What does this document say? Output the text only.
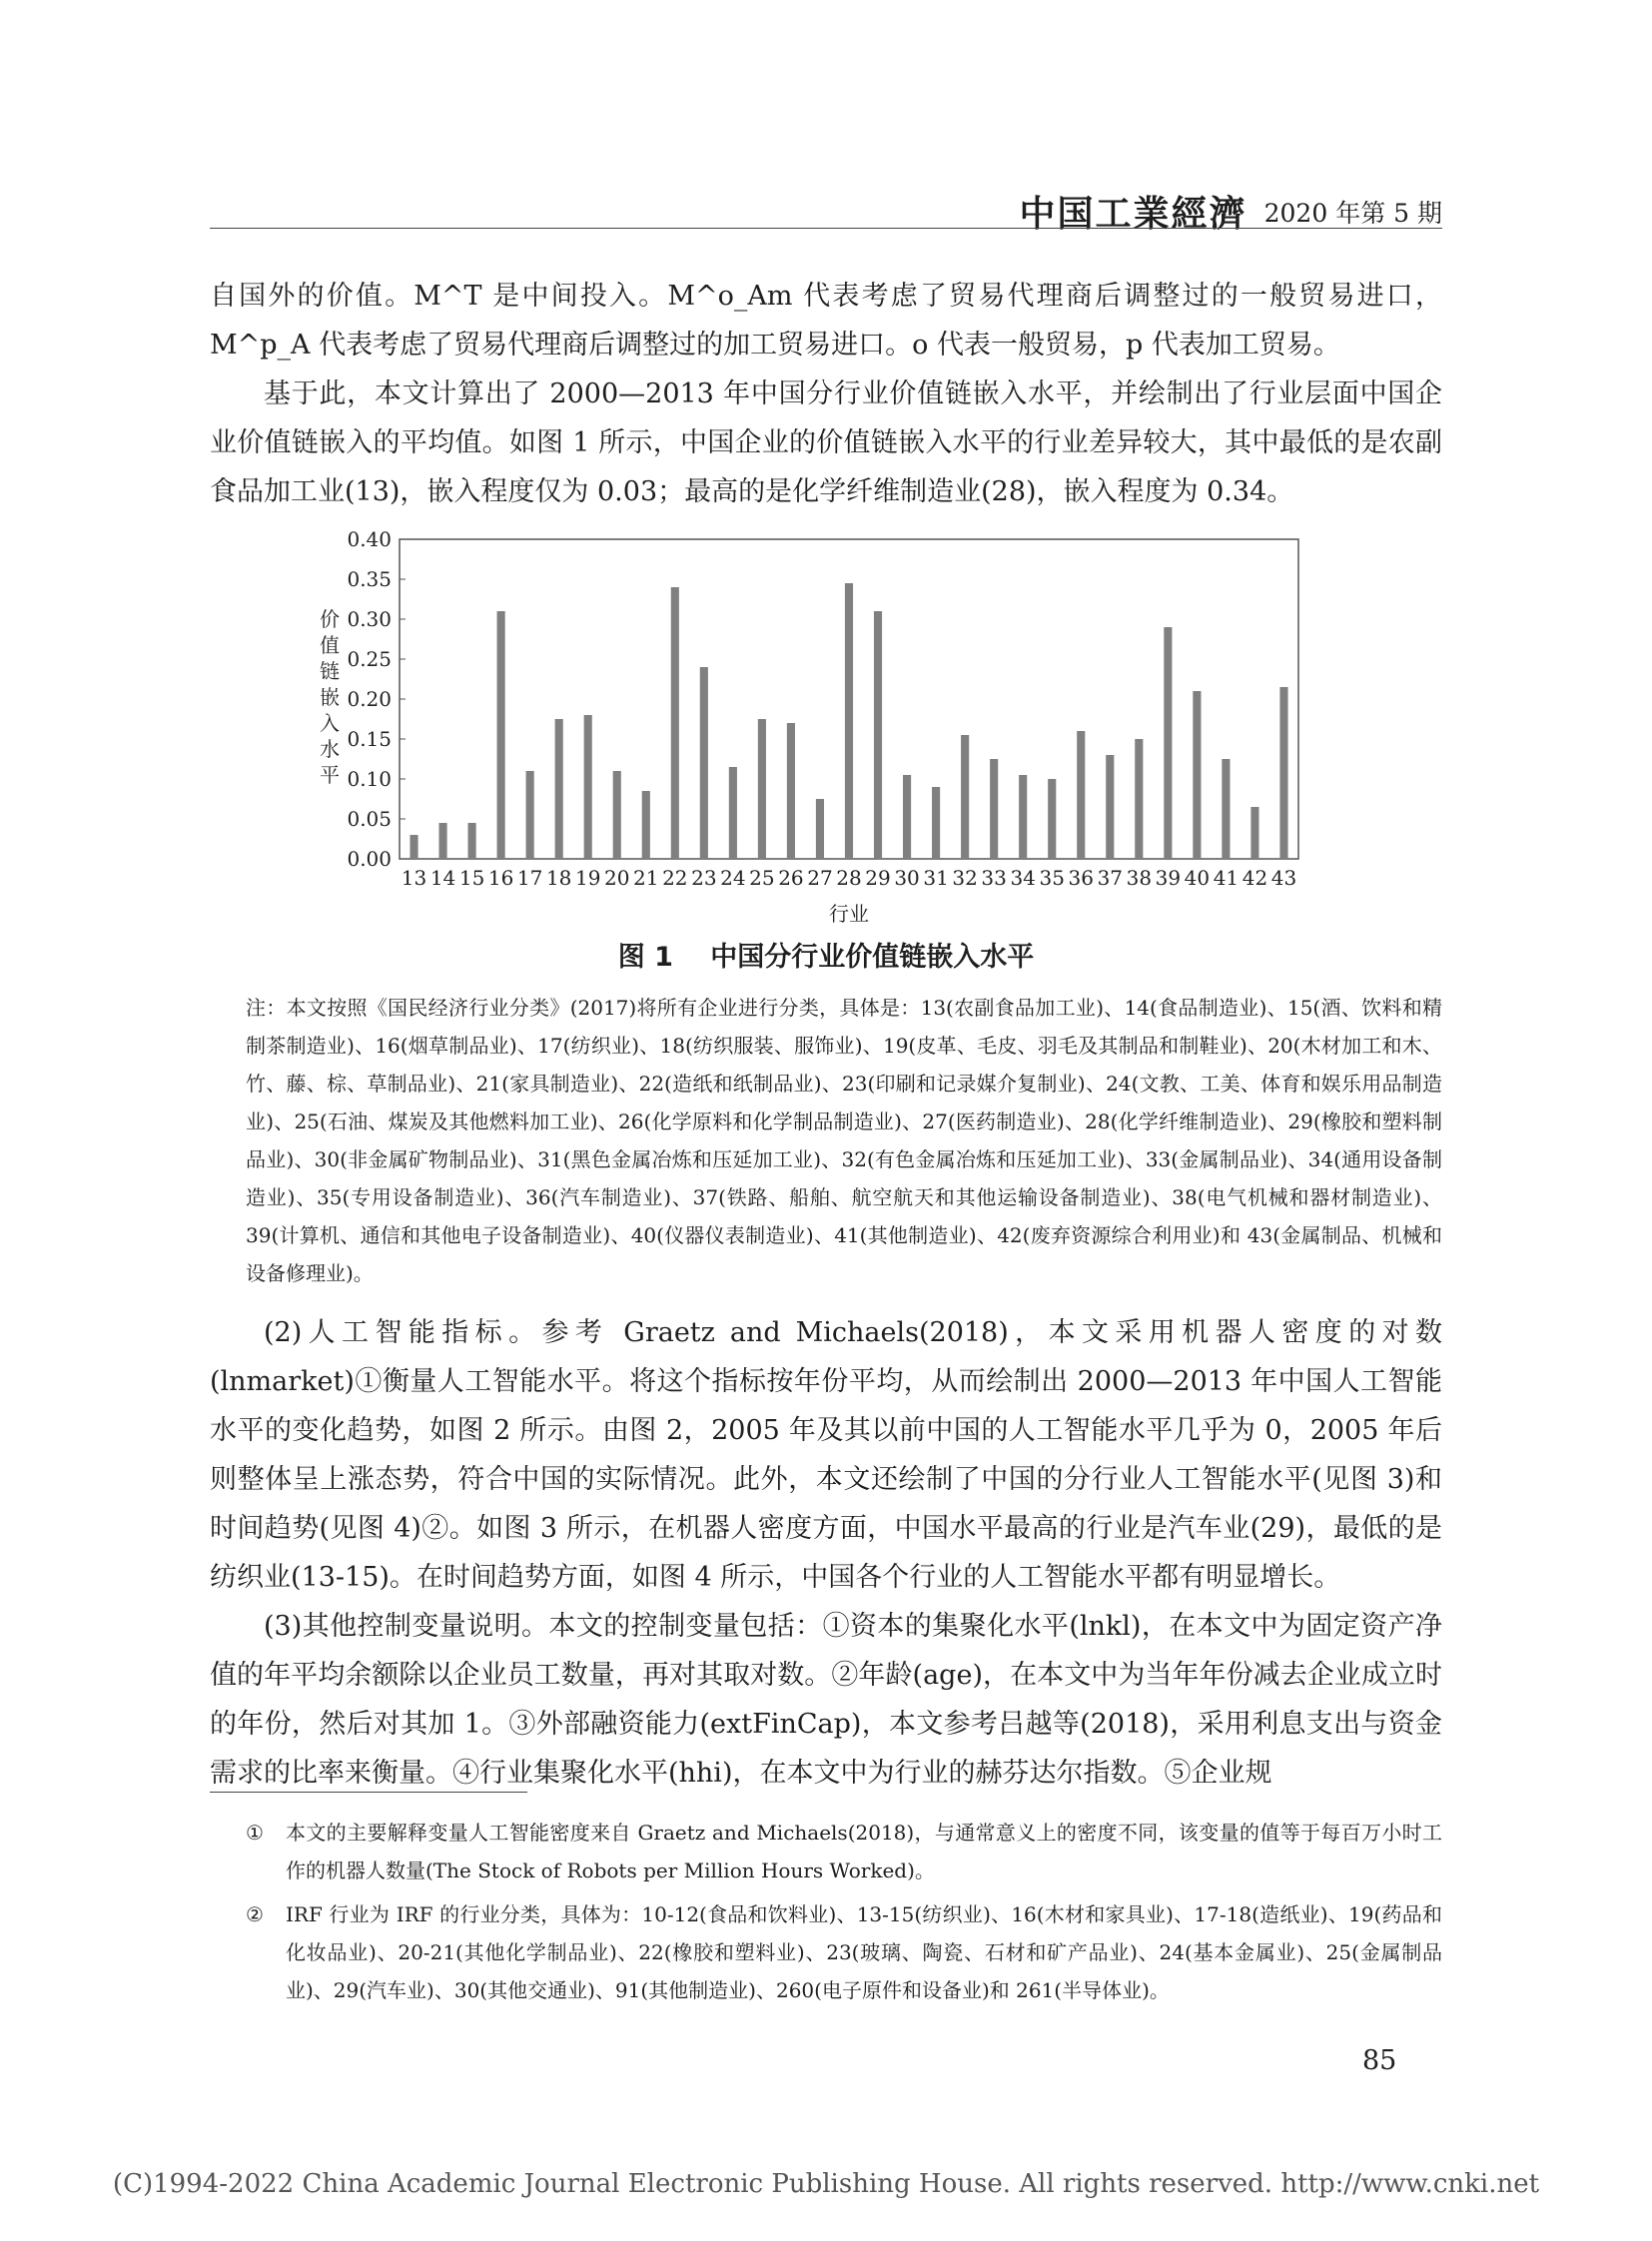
中国工業經濟 2020 年第 5 期

自国外的价值。M^T 是中间投入。M^o_Am 代表考虑了贸易代理商后调整过的一般贸易进口，M^p_A 代表考虑了贸易代理商后调整过的加工贸易进口。o 代表一般贸易，p 代表加工贸易。

基于此，本文计算出了 2000—2013 年中国分行业价值链嵌入水平，并绘制出了行业层面中国企业价值链嵌入的平均值。如图 1 所示，中国企业的价值链嵌入水平的行业差异较大，其中最低的是农副食品加工业(13)，嵌入程度仅为 0.03；最高的是化学纤维制造业(28)，嵌入程度为 0.34。

0.00
0.05
0.10
0.15
0.20
0.25
0.30
0.35
0.40
价值链嵌入水平
13 14 15 16 17 18 19 20 21 22 23 24 25 26 27 28 29 30 31 32 33 34 35 36 37 38 39 40 41 42 43
行业
图 1 中国分行业价值链嵌入水平
注：本文按照《国民经济行业分类》(2017)将所有企业进行分类，具体是：13(农副食品加工业)、14(食品制造业)、15(酒、饮料和精制茶制造业)、16(烟草制品业)、17(纺织业)、18(纺织服装、服饰业)、19(皮革、毛皮、羽毛及其制品和制鞋业)、20(木材加工和木、竹、藤、棕、草制品业)、21(家具制造业)、22(造纸和纸制品业)、23(印刷和记录媒介复制业)、24(文教、工美、体育和娱乐用品制造业)、25(石油、煤炭及其他燃料加工业)、26(化学原料和化学制品制造业)、27(医药制造业)、28(化学纤维制造业)、29(橡胶和塑料制品业)、30(非金属矿物制品业)、31(黑色金属冶炼和压延加工业)、32(有色金属冶炼和压延加工业)、33(金属制品业)、34(通用设备制造业)、35(专用设备制造业)、36(汽车制造业)、37(铁路、船舶、航空航天和其他运输设备制造业)、38(电气机械和器材制造业)、39(计算机、通信和其他电子设备制造业)、40(仪器仪表制造业)、41(其他制造业)、42(废弃资源综合利用业)和 43(金属制品、机械和设备修理业)。

(2)人工智能指标。参考 Graetz and Michaels(2018)，本文采用机器人密度的对数(lnmarket)①衡量人工智能水平。将这个指标按年份平均，从而绘制出 2000—2013 年中国人工智能水平的变化趋势，如图 2 所示。由图 2，2005 年及其以前中国的人工智能水平几乎为 0，2005 年后则整体呈上涨态势，符合中国的实际情况。此外，本文还绘制了中国的分行业人工智能水平(见图 3)和时间趋势(见图 4)②。如图 3 所示，在机器人密度方面，中国水平最高的行业是汽车业(29)，最低的是纺织业(13-15)。在时间趋势方面，如图 4 所示，中国各个行业的人工智能水平都有明显增长。

(3)其他控制变量说明。本文的控制变量包括：①资本的集聚化水平(lnkl)，在本文中为固定资产净值的年平均余额除以企业员工数量，再对其取对数。②年龄(age)，在本文中为当年年份减去企业成立时的年份，然后对其加 1。③外部融资能力(extFinCap)，本文参考吕越等(2018)，采用利息支出与资金需求的比率来衡量。④行业集聚化水平(hhi)，在本文中为行业的赫芬达尔指数。⑤企业规

①	本文的主要解释变量人工智能密度来自 Graetz and Michaels(2018)，与通常意义上的密度不同，该变量的值等于每百万小时工作的机器人数量(The Stock of Robots per Million Hours Worked)。
②	IRF 行业为 IRF 的行业分类，具体为：10-12(食品和饮料业)、13-15(纺织业)、16(木材和家具业)、17-18(造纸业)、19(药品和化妆品业)、20-21(其他化学制品业)、22(橡胶和塑料业)、23(玻璃、陶瓷、石材和矿产品业)、24(基本金属业)、25(金属制品业)、29(汽车业)、30(其他交通业)、91(其他制造业)、260(电子原件和设备业)和 261(半导体业)。
85
(C)1994-2022 China Academic Journal Electronic Publishing House. All rights reserved. http://www.cnki.net
